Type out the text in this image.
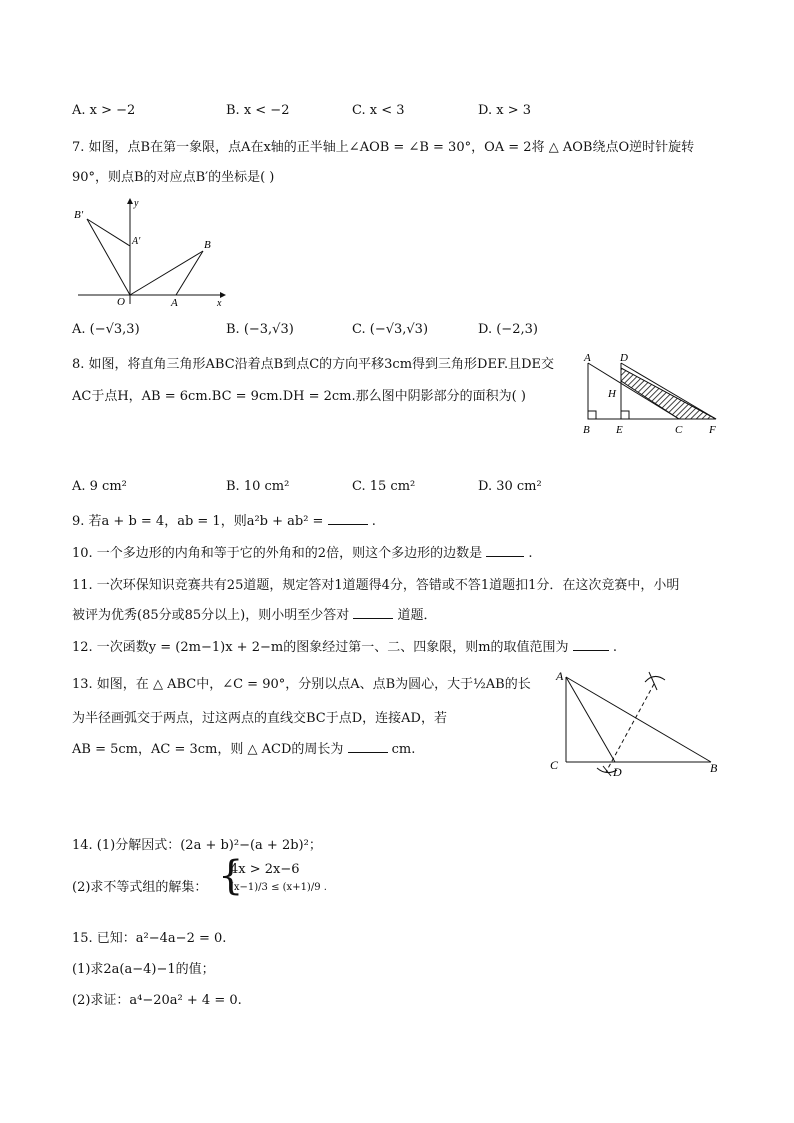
A. x > −2	B. x < −2	C. x < 3	D. x > 3
7. 如图，点B在第一象限，点A在x轴的正半轴上∠AOB = ∠B = 30°，OA = 2将 △ AOB绕点O逆时针旋转
90°，则点B的对应点B′的坐标是( )
B′
A′	B
O	A	x
y
A. (−√3,3)	B. (−3,√3)	C. (−√3,√3)	D. (−2,3)
8. 如图，将直角三角形ABC沿着点B到点C的方向平移3cm得到三角形DEF.且DE交
AC于点H，AB = 6cm.BC = 9cm.DH = 2cm.那么图中阴影部分的面积为( )
A	D
H
B E	C F
A. 9 cm²	B. 10 cm²	C. 15 cm²	D. 30 cm²
9. 若a + b = 4，ab = 1，则a²b + ab² =	.
10. 一个多边形的内角和等于它的外角和的2倍，则这个多边形的边数是	.
11. 一次环保知识竞赛共有25道题，规定答对1道题得4分，答错或不答1道题扣1分．在这次竞赛中，小明
被评为优秀(85分或85分以上)，则小明至少答对	道题．
12. 一次函数y = (2m−1)x + 2−m的图象经过第一、二、四象限，则m的取值范围为	.
13. 如图，在 △ ABC中，∠C = 90°，分别以点A、点B为圆心，大于½AB的长
为半径画弧交于两点，过这两点的直线交BC于点D，连接AD，若
AB = 5cm，AC = 3cm，则 △ ACD的周长为	cm.
A
C	D	B
14. (1)分解因式：(2a + b)²−(a + 2b)²；
(2)求不等式组的解集： {
4x > 2x−6
(x−1)/3 ≤ (x+1)/9 .
15. 已知：a²−4a−2 = 0.
(1)求2a(a−4)−1的值；
(2)求证：a⁴−20a² + 4 = 0.
